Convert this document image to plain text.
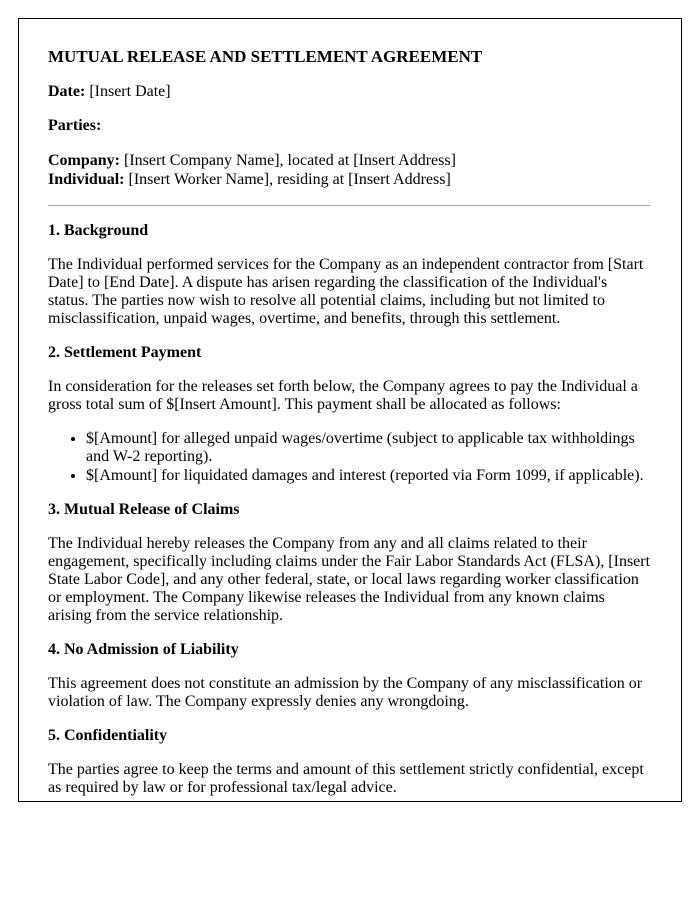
MUTUAL RELEASE AND SETTLEMENT AGREEMENT
Date: [Insert Date]
Parties:
Company: [Insert Company Name], located at [Insert Address]
Individual: [Insert Worker Name], residing at [Insert Address]
1. Background

The Individual performed services for the Company as an independent contractor from [Start Date] to [End Date]. A dispute has arisen regarding the classification of the Individual's status. The parties now wish to resolve all potential claims, including but not limited to misclassification, unpaid wages, overtime, and benefits, through this settlement.

2. Settlement Payment

In consideration for the releases set forth below, the Company agrees to pay the Individual a gross total sum of $[Insert Amount]. This payment shall be allocated as follows:

• $[Amount] for alleged unpaid wages/overtime (subject to applicable tax withholdings and W-2 reporting).
• $[Amount] for liquidated damages and interest (reported via Form 1099, if applicable).
3. Mutual Release of Claims

The Individual hereby releases the Company from any and all claims related to their engagement, specifically including claims under the Fair Labor Standards Act (FLSA), [Insert State Labor Code], and any other federal, state, or local laws regarding worker classification or employment. The Company likewise releases the Individual from any known claims arising from the service relationship.

4. No Admission of Liability

This agreement does not constitute an admission by the Company of any misclassification or violation of law. The Company expressly denies any wrongdoing.

5. Confidentiality

The parties agree to keep the terms and amount of this settlement strictly confidential, except as required by law or for professional tax/legal advice.
